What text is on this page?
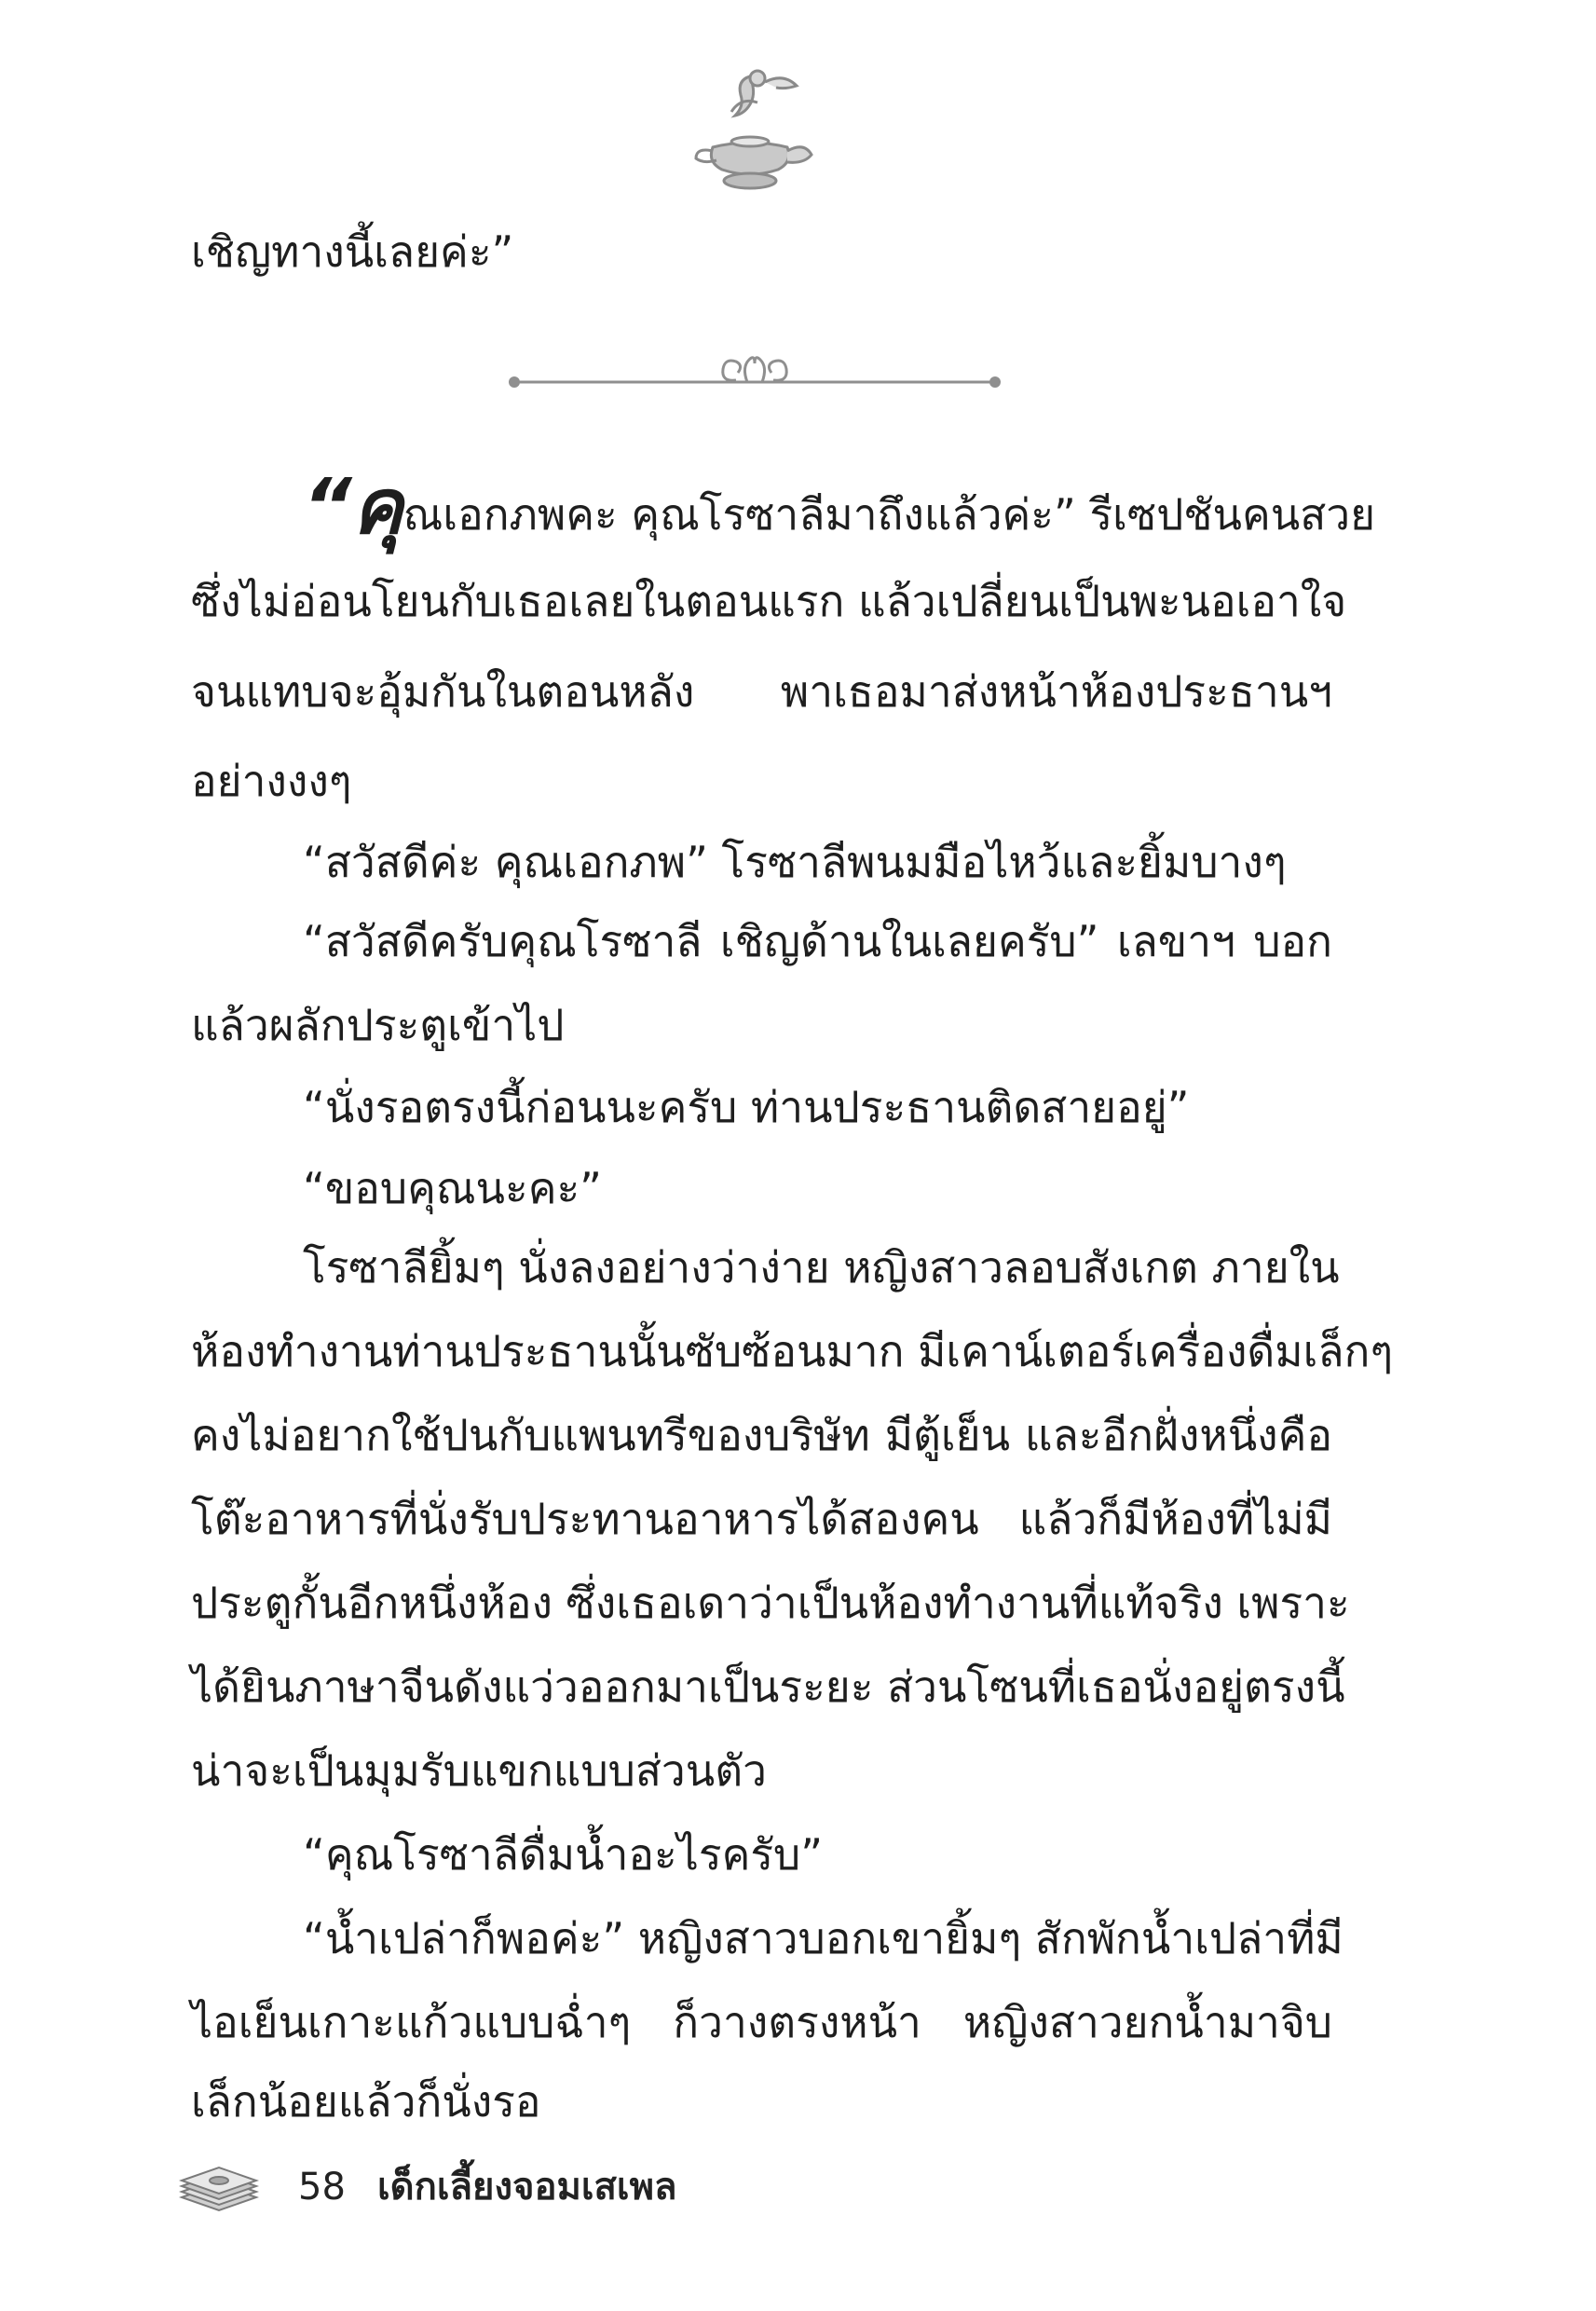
เชิญทางนี้เลยค่ะ”
“คุณเอกภพคะ คุณโรซาลีมาถึงแล้วค่ะ” รีเซปชันคนสวย
ซึ่งไม่อ่อนโยนกับเธอเลยในตอนแรก แล้วเปลี่ยนเป็นพะนอเอาใจ
จนแทบจะอุ้มกันในตอนหลัง พาเธอมาส่งหน้าห้องประธานฯ
อย่างงงๆ
“สวัสดีค่ะ คุณเอกภพ” โรซาลีพนมมือไหว้และยิ้มบางๆ
“สวัสดีครับคุณโรซาลี เชิญด้านในเลยครับ” เลขาฯ บอก
แล้วผลักประตูเข้าไป
“นั่งรอตรงนี้ก่อนนะครับ ท่านประธานติดสายอยู่”
“ขอบคุณนะคะ”
โรซาลียิ้มๆ นั่งลงอย่างว่าง่าย หญิงสาวลอบสังเกต ภายใน
ห้องทำงานท่านประธานนั้นซับซ้อนมาก มีเคาน์เตอร์เครื่องดื่มเล็กๆ
คงไม่อยากใช้ปนกับแพนทรีของบริษัท มีตู้เย็น และอีกฝั่งหนึ่งคือ
โต๊ะอาหารที่นั่งรับประทานอาหารได้สองคน แล้วก็มีห้องที่ไม่มี
ประตูกั้นอีกหนึ่งห้อง ซึ่งเธอเดาว่าเป็นห้องทำงานที่แท้จริง เพราะ
ได้ยินภาษาจีนดังแว่วออกมาเป็นระยะ ส่วนโซนที่เธอนั่งอยู่ตรงนี้
น่าจะเป็นมุมรับแขกแบบส่วนตัว
“คุณโรซาลีดื่มน้ำอะไรครับ”
“น้ำเปล่าก็พอค่ะ” หญิงสาวบอกเขายิ้มๆ สักพักน้ำเปล่าที่มี
ไอเย็นเกาะแก้วแบบฉ่ำๆ ก็วางตรงหน้า หญิงสาวยกน้ำมาจิบ
เล็กน้อยแล้วก็นั่งรอ
58 เด็กเลี้ยงจอมเสเพล
